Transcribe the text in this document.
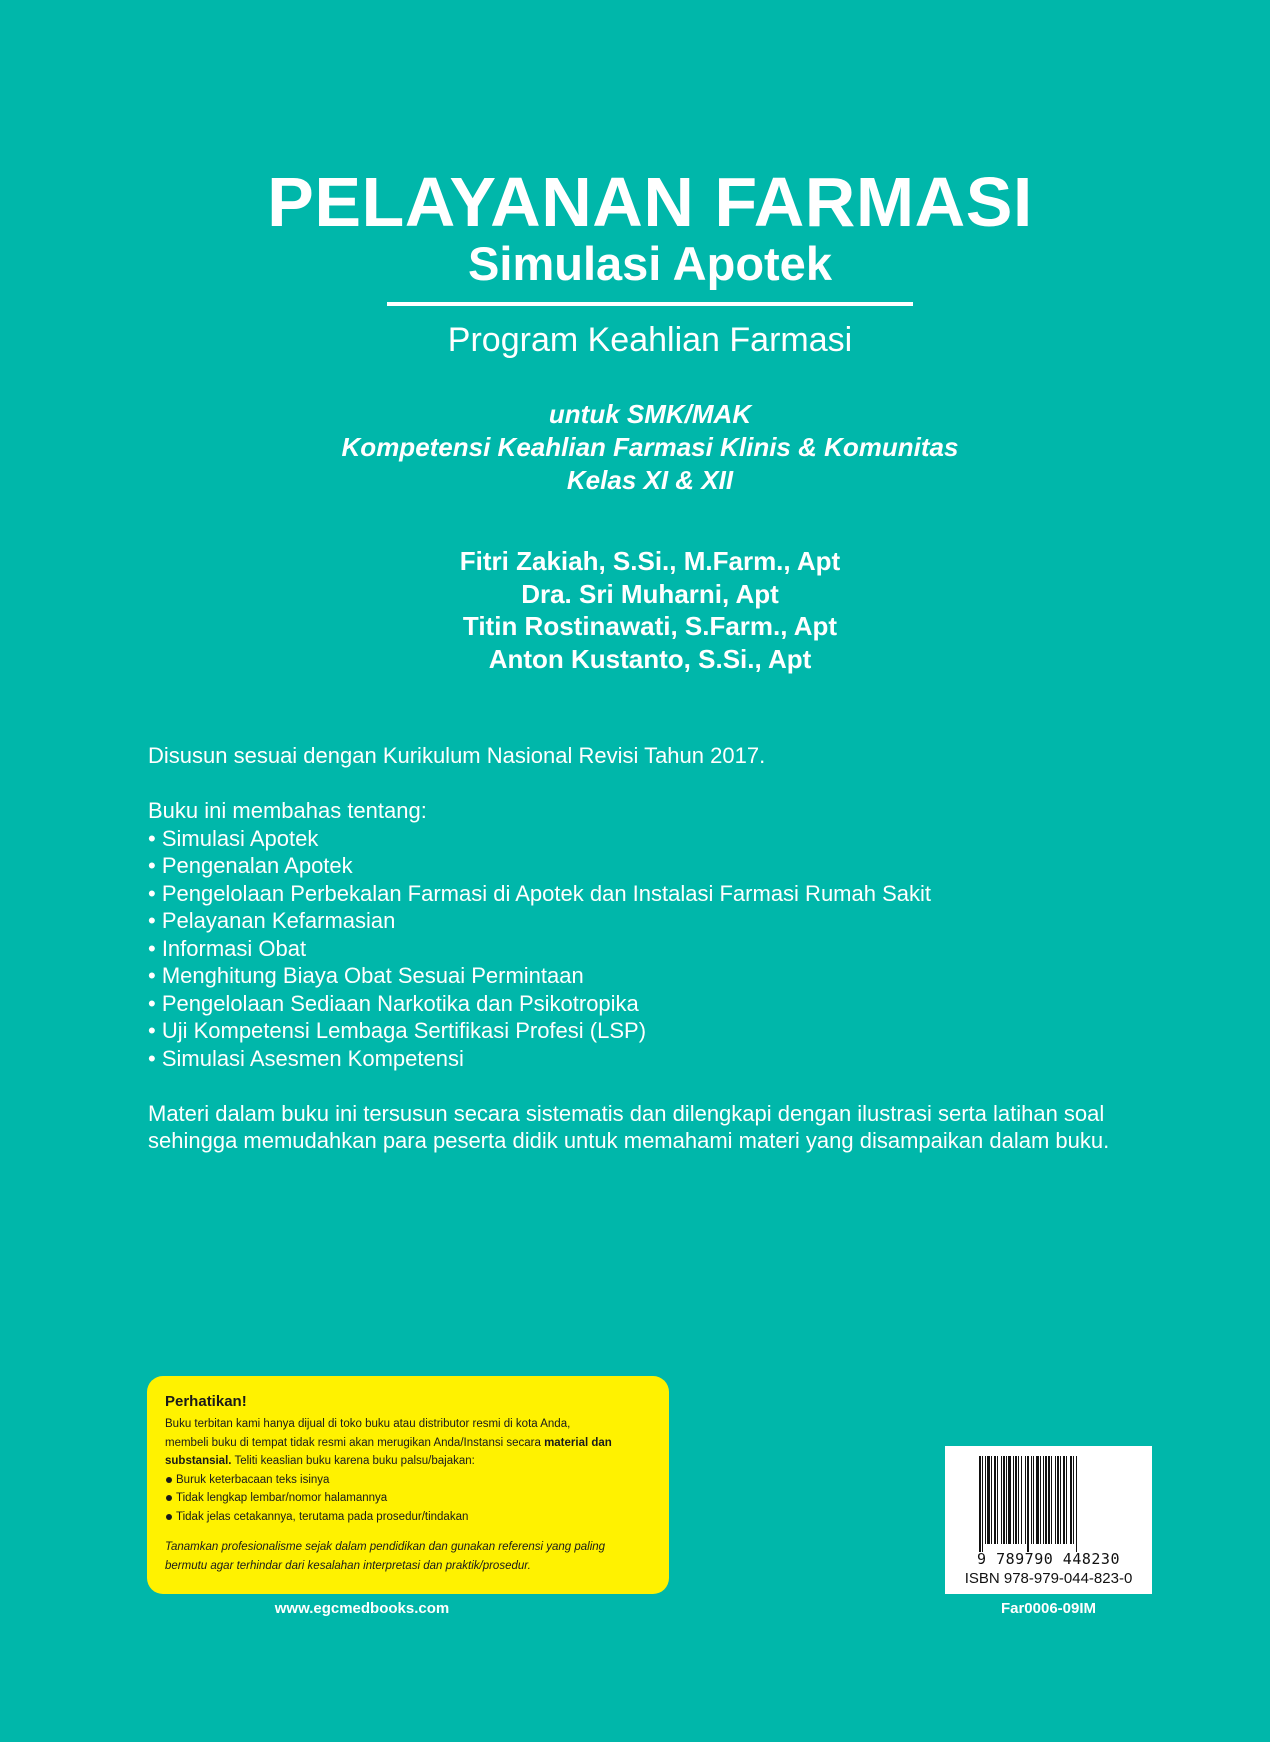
PELAYANAN FARMASI
Simulasi Apotek
Program Keahlian Farmasi
untuk SMK/MAK
Kompetensi Keahlian Farmasi Klinis & Komunitas
Kelas XI & XII
Fitri Zakiah, S.Si., M.Farm., Apt
Dra. Sri Muharni, Apt
Titin Rostinawati, S.Farm., Apt
Anton Kustanto, S.Si., Apt

Disusun sesuai dengan Kurikulum Nasional Revisi Tahun 2017.

Buku ini membahas tentang:

• Simulasi Apotek
• Pengenalan Apotek
• Pengelolaan Perbekalan Farmasi di Apotek dan Instalasi Farmasi Rumah Sakit
• Pelayanan Kefarmasian
• Informasi Obat
• Menghitung Biaya Obat Sesuai Permintaan
• Pengelolaan Sediaan Narkotika dan Psikotropika
• Uji Kompetensi Lembaga Sertifikasi Profesi (LSP)
• Simulasi Asesmen Kompetensi

Materi dalam buku ini tersusun secara sistematis dan dilengkapi dengan ilustrasi serta latihan soal

sehingga memudahkan para peserta didik untuk memahami materi yang disampaikan dalam buku.

Perhatikan!
Buku terbitan kami hanya dijual di toko buku atau distributor resmi di kota Anda,
membeli buku di tempat tidak resmi akan merugikan Anda/Instansi secara material dan
substansial. Teliti keaslian buku karena buku palsu/bajakan:
Buruk keterbacaan teks isinya
Tidak lengkap lembar/nomor halamannya
Tidak jelas cetakannya, terutama pada prosedur/tindakan
Tanamkan profesionalisme sejak dalam pendidikan dan gunakan referensi yang paling
bermutu agar terhindar dari kesalahan interpretasi dan praktik/prosedur.
www.egcmedbooks.com
9 789790 448230
ISBN 978-979-044-823-0
Far0006-09IM
